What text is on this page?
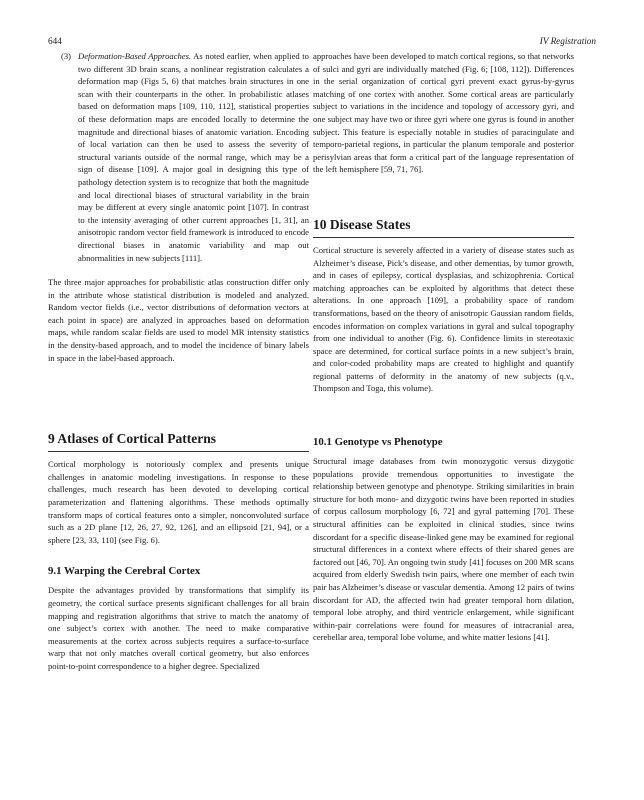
644	IV Registration
(3) Deformation-Based Approaches. As noted earlier, when applied to two different 3D brain scans, a nonlinear registration calculates a deformation map (Figs 5, 6) that matches brain structures in one scan with their counterparts in the other. In probabilistic atlases based on deformation maps [109, 110, 112], statistical properties of these deformation maps are encoded locally to determine the magnitude and directional biases of anatomic variation. Encoding of local variation can then be used to assess the severity of structural variants outside of the normal range, which may be a sign of disease [109]. A major goal in designing this type of pathology detection system is to recognize that both the magnitude and local directional biases of structural variability in the brain may be different at every single anatomic point [107]. In contrast to the intensity averaging of other current approaches [1, 31], an anisotropic random vector field framework is introduced to encode directional biases in anatomic variability and map out abnormalities in new subjects [111].

The three major approaches for probabilistic atlas construction differ only in the attribute whose statistical distribution is modeled and analyzed. Random vector fields (i.e., vector distributions of deformation vectors at each point in space) are analyzed in approaches based on deformation maps, while random scalar fields are used to model MR intensity statistics in the density-based approach, and to model the incidence of binary labels in space in the label-based approach.

9 Atlases of Cortical Patterns

Cortical morphology is notoriously complex and presents unique challenges in anatomic modeling investigations. In response to these challenges, much research has been devoted to developing cortical parameterization and flattening algorithms. These methods optimally transform maps of cortical features onto a simpler, nonconvoluted surface such as a 2D plane [12, 26, 27, 92, 126], and an ellipsoid [21, 94], or a sphere [23, 33, 110] (see Fig. 6).

9.1 Warping the Cerebral Cortex

Despite the advantages provided by transformations that simplify its geometry, the cortical surface presents significant challenges for all brain mapping and registration algorithms that strive to match the anatomy of one subject’s cortex with another. The need to make comparative measurements at the cortex across subjects requires a surface-to-surface warp that not only matches overall cortical geometry, but also enforces point-to-point correspondence to a higher degree. Specialized

approaches have been developed to match cortical regions, so that networks of sulci and gyri are individually matched (Fig. 6; [108, 112]). Differences in the serial organization of cortical gyri prevent exact gyrus-by-gyrus matching of one cortex with another. Some cortical areas are particularly subject to variations in the incidence and topology of accessory gyri, and one subject may have two or three gyri where one gyrus is found in another subject. This feature is especially notable in studies of paracingulate and temporo-parietal regions, in particular the planum temporale and posterior perisylvian areas that form a critical part of the language representation of the left hemisphere [59, 71, 76].

10 Disease States

Cortical structure is severely affected in a variety of disease states such as Alzheimer’s disease, Pick’s disease, and other dementias, by tumor growth, and in cases of epilepsy, cortical dysplasias, and schizophrenia. Cortical matching approaches can be exploited by algorithms that detect these alterations. In one approach [109], a probability space of random transformations, based on the theory of anisotropic Gaussian random fields, encodes information on complex variations in gyral and sulcal topography from one individual to another (Fig. 6). Confidence limits in stereotaxic space are determined, for cortical surface points in a new subject’s brain, and color-coded probability maps are created to highlight and quantify regional patterns of deformity in the anatomy of new subjects (q.v., Thompson and Toga, this volume).

10.1 Genotype vs Phenotype

Structural image databases from twin monozygotic versus dizygotic populations provide tremendous opportunities to investigate the relationship between genotype and phenotype. Striking similarities in brain structure for both mono- and dizygotic twins have been reported in studies of corpus callosum morphology [6, 72] and gyral patterning [70]. These structural affinities can be exploited in clinical studies, since twins discordant for a specific disease-linked gene may be examined for regional structural differences in a context where effects of their shared genes are factored out [46, 70]. An ongoing twin study [41] focuses on 200 MR scans acquired from elderly Swedish twin pairs, where one member of each twin pair has Alzheimer’s disease or vascular dementia. Among 12 pairs of twins discordant for AD, the affected twin had greater temporal horn dilation, temporal lobe atrophy, and third ventricle enlargement, while significant within-pair correlations were found for measures of intracranial area, cerebellar area, temporal lobe volume, and white matter lesions [41].
